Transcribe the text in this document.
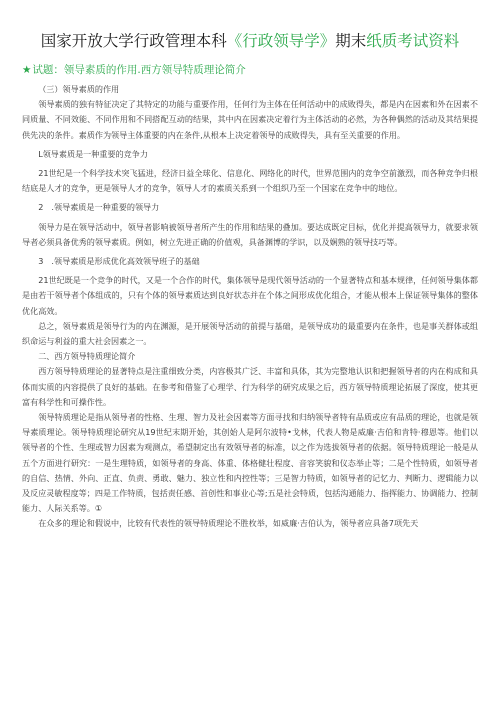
国家开放大学行政管理本科《行政领导学》期末纸质考试资料
★试题：领导素质的作用.西方领导特质理论简介

（三）领导素质的作用

领导素质的独有特征决定了其特定的功能与重要作用，任何行为主体在任何活动中的成败得失，都是内在因素和外在因素不同质量、不同效能、不同作用和不同搭配互动的结果，其中内在因素决定着行为主体活动的必然，为各种偶然的活动及其结果提供先决的条件。素质作为领导主体重要的内在条件,从根本上决定着领导的成败得失，具有至关重要的作用。

L领导素质是一种重要的竞争力

21世纪是一个科学技术突飞猛进，经济日益全球化、信息化、网络化的时代，世界范围内的竞争空前激烈，而各种竞争归根结底是人才的竞争，更是领导人才的竞争，领导人才的素质关系到一个组织乃至一个国家在竞争中的地位。

2　.领导素质是一种重要的领导力

领导力是在领导活动中，领导者影响被领导者所产生的作用和结果的叠加。要达成既定目标，优化并提高领导力，就要求领导者必须具备优秀的领导素质。例如，树立先进正确的价值观，具备渊博的学识，以及娴熟的领导技巧等。

3　.领导素质是形成优化高效领导班子的基础

21世纪既是一个竞争的时代，又是一个合作的时代，集体领导是现代领导活动的一个显著特点和基本规律，任何领导集体都是由若干领导者个体组成的，只有个体的领导素质达到良好状态并在个体之间形成优化组合，才能从根本上保证领导集体的整体优化高效。

总之，领导素质是领导行为的内在渊源，是开展领导活动的前提与基础，是领导成功的最重要内在条件，也是事关群体或组织命运与利益的重大社会因素之一。

二、西方领导特质理论简介

西方领导特质理论的显著特点是注重细致分类，内容极其广泛、丰富和具体，其为完整地认识和把握领导者的内在构成和具体而实质的内容提供了良好的基础。在参考和借鉴了心理学、行为科学的研究成果之后，西方领导特质理论拓展了深度，使其更富有科学性和可操作性。

领导特质理论是指从领导者的性格、生理、智力及社会因素等方面寻找和归纳领导者特有品质或应有品质的理论，也就是领导素质理论。领导特质理论研究从19世纪末期开始，其创始人是阿尔波特•戈林，代表人物是威廉·吉伯和肯特·穆恩等。他们以领导者的个性、生理或智力因素为观测点，希望制定出有效领导者的标准，以之作为选拔领导者的依据。领导特质理论一般是从五个方面进行研究：一是生理特质，如领导者的身高、体重、体格健壮程度、音容笑貌和仪态举止等；二是个性特质，如领导者的自信、热情、外向、正直、负责、勇敢、魅力、独立性和内控性等；三是智力特质，如领导者的记忆力、判断力、逻辑能力以及反应灵敏程度等；四是工作特质，包括责任感、首创性和事业心等;五是社会特质，包括沟通能力、指挥能力、协调能力、控制能力、人际关系等。①

在众多的理论和假说中，比较有代表性的领导特质理论不胜枚举，如威廉·吉伯认为，领导者应具备7项先天
